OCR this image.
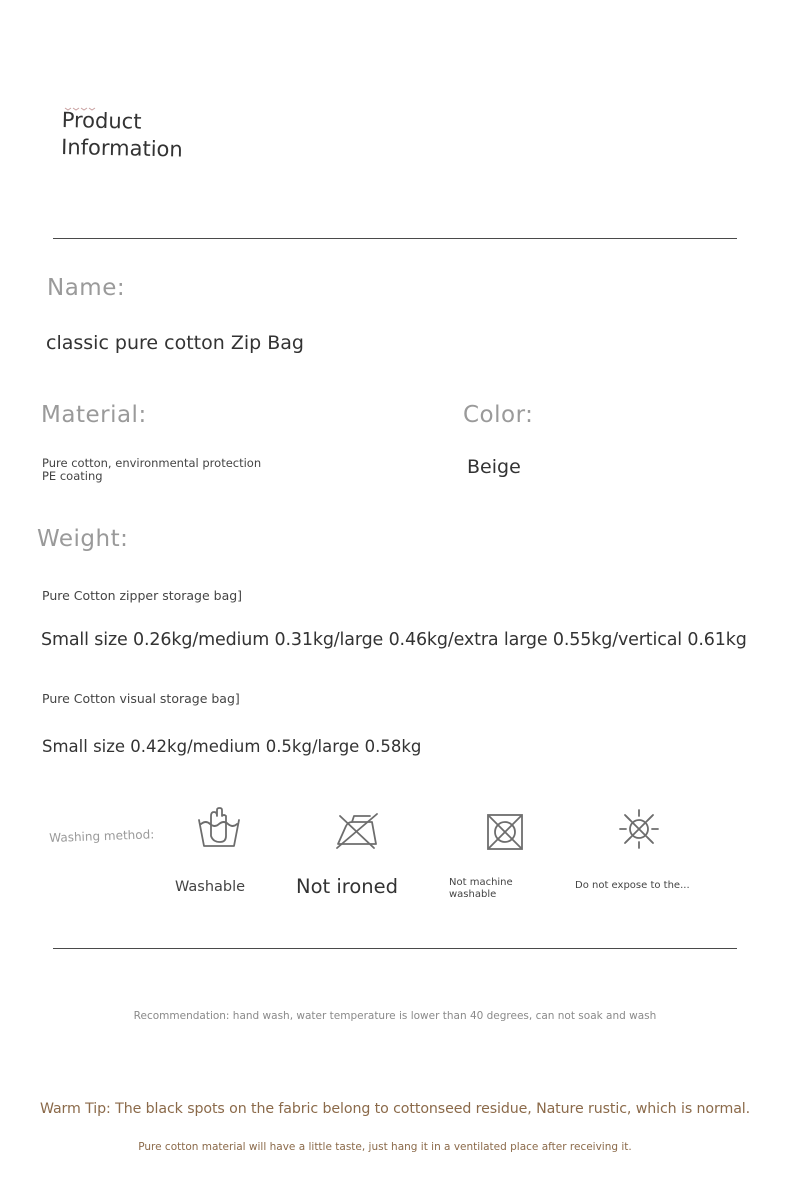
Product
Information
Name:
classic pure cotton Zip Bag
Material:
Pure cotton, environmental protection PE coating
Color:
Beige
Weight:
Pure Cotton zipper storage bag]
Small size 0.26kg/medium 0.31kg/large 0.46kg/extra large 0.55kg/vertical 0.61kg
Pure Cotton visual storage bag]
Small size 0.42kg/medium 0.5kg/large 0.58kg
Washing method:
Washable	Not ironed	Not machine washable
Do not expose to the...
Recommendation: hand wash, water temperature is lower than 40 degrees, can not soak and wash
Warm Tip: The black spots on the fabric belong to cottonseed residue, Nature rustic, which is normal.
Pure cotton material will have a little taste, just hang it in a ventilated place after receiving it.
